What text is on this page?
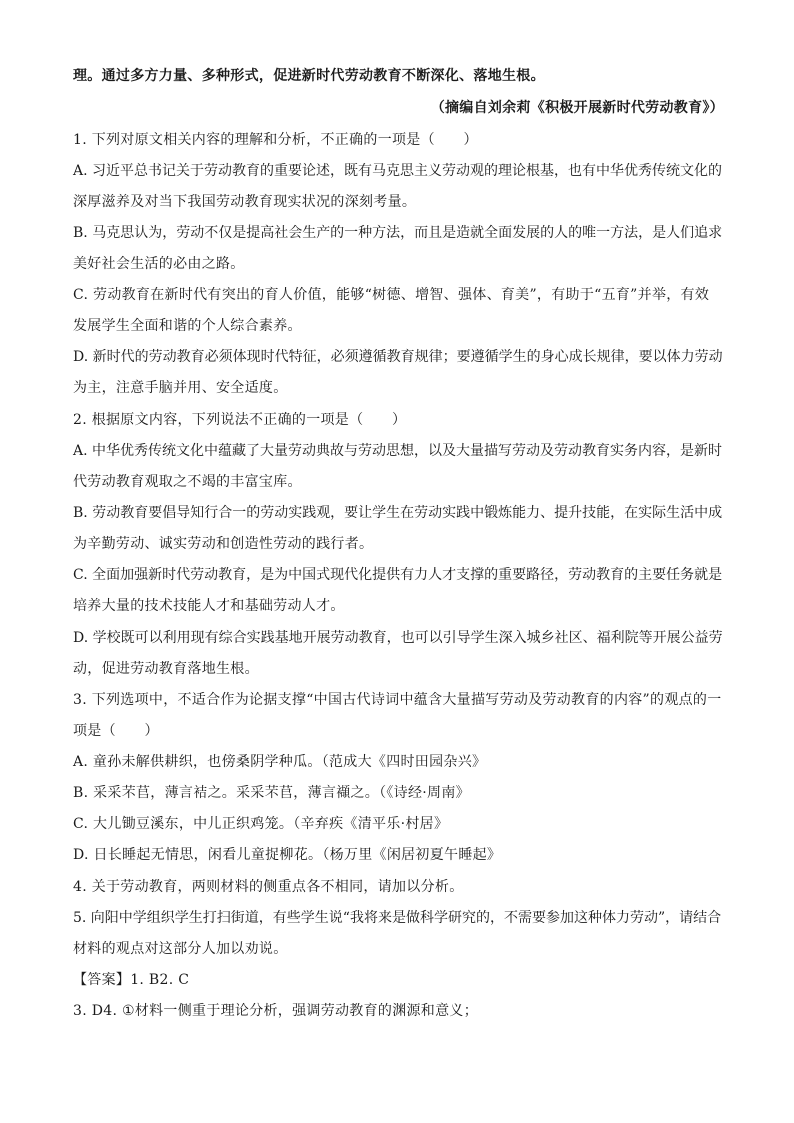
理。通过多方力量、多种形式，促进新时代劳动教育不断深化、落地生根。
（摘编自刘余莉《积极开展新时代劳动教育》）
1. 下列对原文相关内容的理解和分析，不正确的一项是（　　）
A. 习近平总书记关于劳动教育的重要论述，既有马克思主义劳动观的理论根基，也有中华优秀传统文化的
深厚滋养及对当下我国劳动教育现实状况的深刻考量。
B. 马克思认为，劳动不仅是提高社会生产的一种方法，而且是造就全面发展的人的唯一方法，是人们追求
美好社会生活的必由之路。
C. 劳动教育在新时代有突出的育人价值，能够“树德、增智、强体、育美”，有助于“五育”并举，有效
发展学生全面和谐的个人综合素养。
D. 新时代的劳动教育必须体现时代特征，必须遵循教育规律；要遵循学生的身心成长规律，要以体力劳动
为主，注意手脑并用、安全适度。
2. 根据原文内容，下列说法不正确的一项是（　　）
A. 中华优秀传统文化中蕴藏了大量劳动典故与劳动思想，以及大量描写劳动及劳动教育实务内容，是新时
代劳动教育观取之不竭的丰富宝库。
B. 劳动教育要倡导知行合一的劳动实践观，要让学生在劳动实践中锻炼能力、提升技能，在实际生活中成
为辛勤劳动、诚实劳动和创造性劳动的践行者。
C. 全面加强新时代劳动教育，是为中国式现代化提供有力人才支撑的重要路径，劳动教育的主要任务就是
培养大量的技术技能人才和基础劳动人才。
D. 学校既可以利用现有综合实践基地开展劳动教育，也可以引导学生深入城乡社区、福利院等开展公益劳
动，促进劳动教育落地生根。
3. 下列选项中，不适合作为论据支撑“中国古代诗词中蕴含大量描写劳动及劳动教育的内容”的观点的一
项是（　　）
A. 童孙未解供耕织，也傍桑阴学种瓜。（范成大《四时田园杂兴》
B. 采采芣苢，薄言袺之。采采芣苢，薄言襭之。（《诗经·周南》
C. 大儿锄豆溪东，中儿正织鸡笼。（辛弃疾《清平乐·村居》
D. 日长睡起无情思，闲看儿童捉柳花。（杨万里《闲居初夏午睡起》
4. 关于劳动教育，两则材料的侧重点各不相同，请加以分析。
5. 向阳中学组织学生打扫街道，有些学生说“我将来是做科学研究的，不需要参加这种体力劳动”，请结合
材料的观点对这部分人加以劝说。
【答案】1. B2. C
3. D4. ①材料一侧重于理论分析，强调劳动教育的渊源和意义；
